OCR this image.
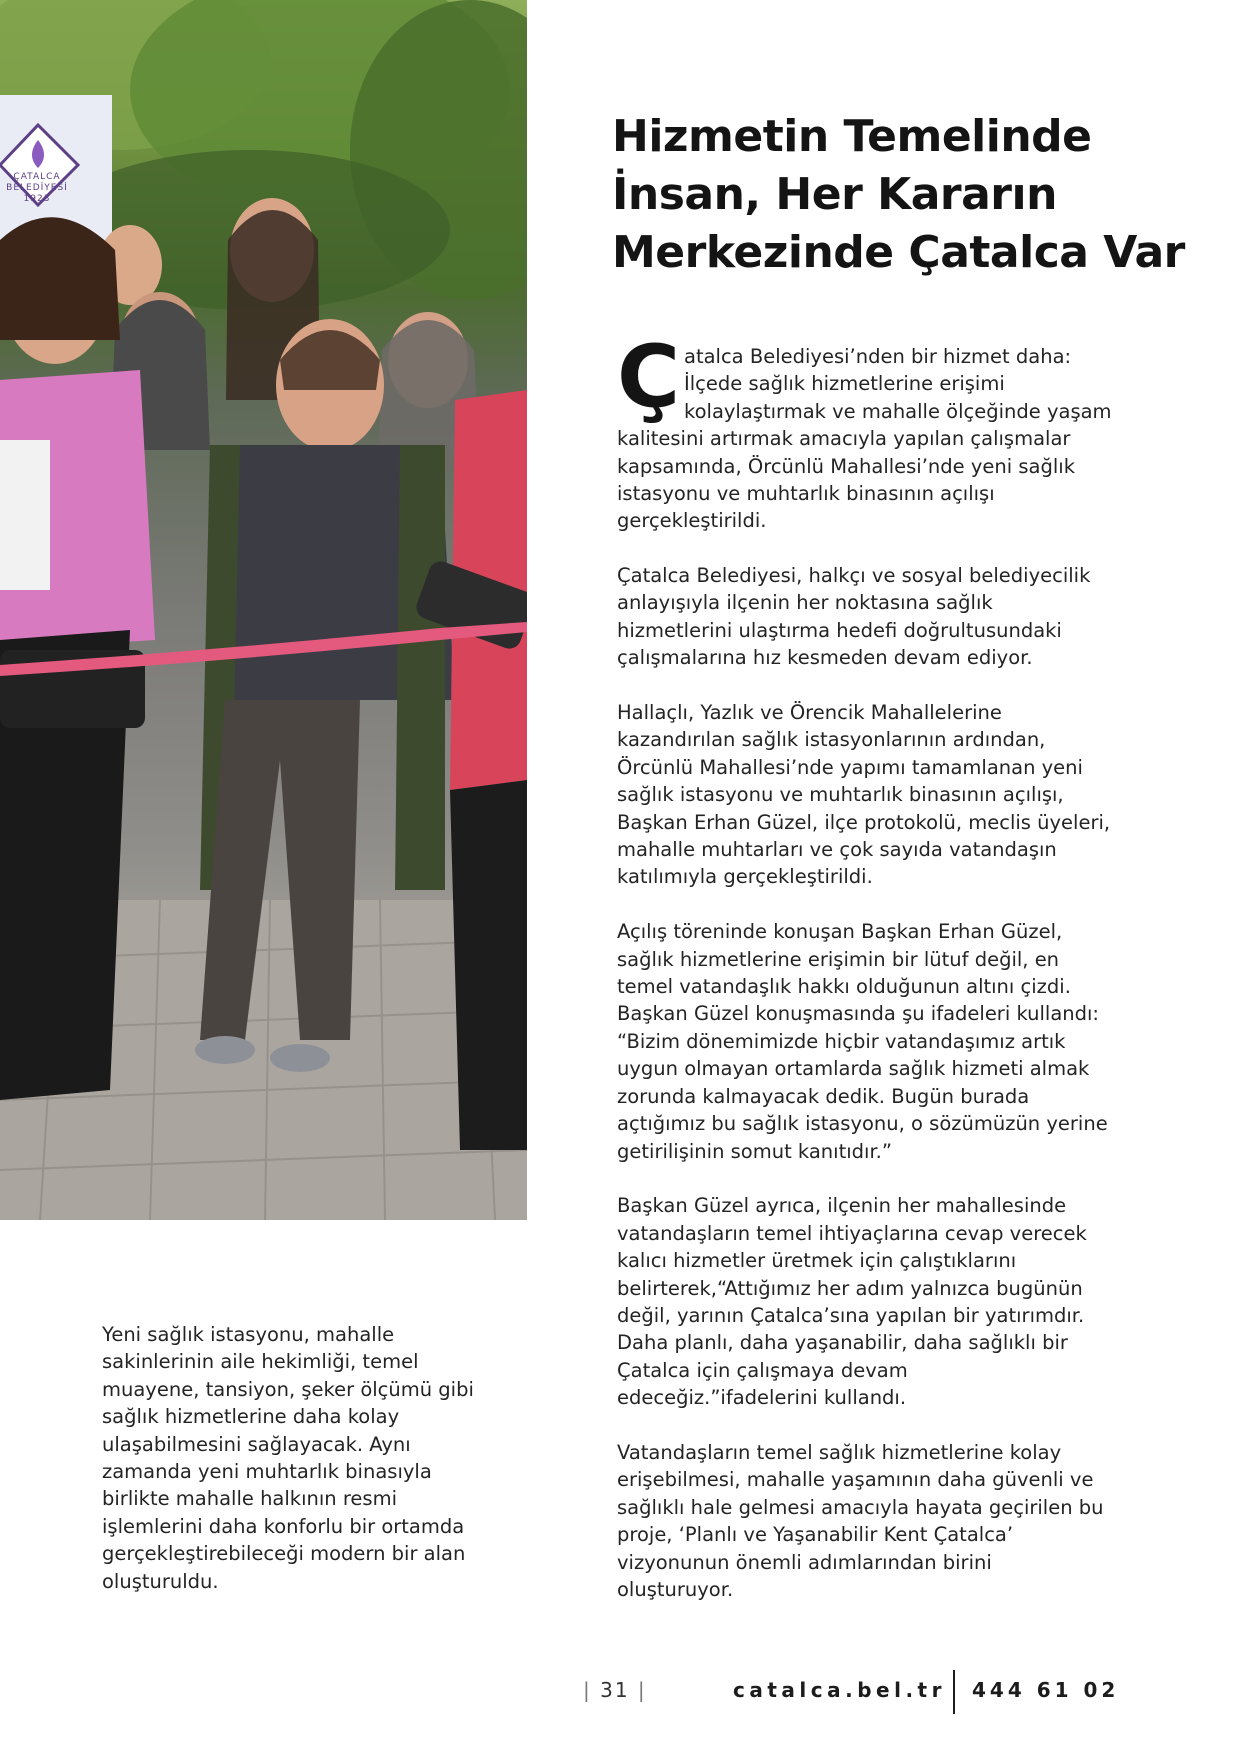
ÇATALCA
BELEDİYESİ
1923
Hizmetin Temelinde
İnsan, Her Kararın
Merkezinde Çatalca Var
Ç atalca Belediyesi’nden bir hizmet daha:
İlçede sağlık hizmetlerine erişimi
kolaylaştırmak ve mahalle ölçeğinde yaşam
kalitesini artırmak amacıyla yapılan çalışmalar
kapsamında, Örcünlü Mahallesi’nde yeni sağlık
istasyonu ve muhtarlık binasının açılışı
gerçekleştirildi.

Çatalca Belediyesi, halkçı ve sosyal belediyecilik
anlayışıyla ilçenin her noktasına sağlık
hizmetlerini ulaştırma hedefi doğrultusundaki
çalışmalarına hız kesmeden devam ediyor.

Hallaçlı, Yazlık ve Örencik Mahallelerine
kazandırılan sağlık istasyonlarının ardından,
Örcünlü Mahallesi’nde yapımı tamamlanan yeni
sağlık istasyonu ve muhtarlık binasının açılışı,
Başkan Erhan Güzel, ilçe protokolü, meclis üyeleri,
mahalle muhtarları ve çok sayıda vatandaşın
katılımıyla gerçekleştirildi.

Açılış töreninde konuşan Başkan Erhan Güzel,
sağlık hizmetlerine erişimin bir lütuf değil, en
temel vatandaşlık hakkı olduğunun altını çizdi.
Başkan Güzel konuşmasında şu ifadeleri kullandı:
“Bizim dönemimizde hiçbir vatandaşımız artık
uygun olmayan ortamlarda sağlık hizmeti almak
zorunda kalmayacak dedik. Bugün burada
açtığımız bu sağlık istasyonu, o sözümüzün yerine
getirilişinin somut kanıtıdır.”

Başkan Güzel ayrıca, ilçenin her mahallesinde
vatandaşların temel ihtiyaçlarına cevap verecek
kalıcı hizmetler üretmek için çalıştıklarını
belirterek,“Attığımız her adım yalnızca bugünün
değil, yarının Çatalca’sına yapılan bir yatırımdır.
Daha planlı, daha yaşanabilir, daha sağlıklı bir
Çatalca için çalışmaya devam
edeceğiz.”ifadelerini kullandı.

Vatandaşların temel sağlık hizmetlerine kolay
erişebilmesi, mahalle yaşamının daha güvenli ve
sağlıklı hale gelmesi amacıyla hayata geçirilen bu
proje, ‘Planlı ve Yaşanabilir Kent Çatalca’
vizyonunun önemli adımlarından birini
oluşturuyor.

Yeni sağlık istasyonu, mahalle
sakinlerinin aile hekimliği, temel
muayene, tansiyon, şeker ölçümü gibi
sağlık hizmetlerine daha kolay
ulaşabilmesini sağlayacak. Aynı
zamanda yeni muhtarlık binasıyla
birlikte mahalle halkının resmi
işlemlerini daha konforlu bir ortamda
gerçekleştirebileceği modern bir alan
oluşturuldu.
| 31 |	catalca.bel.tr 444 61 02
